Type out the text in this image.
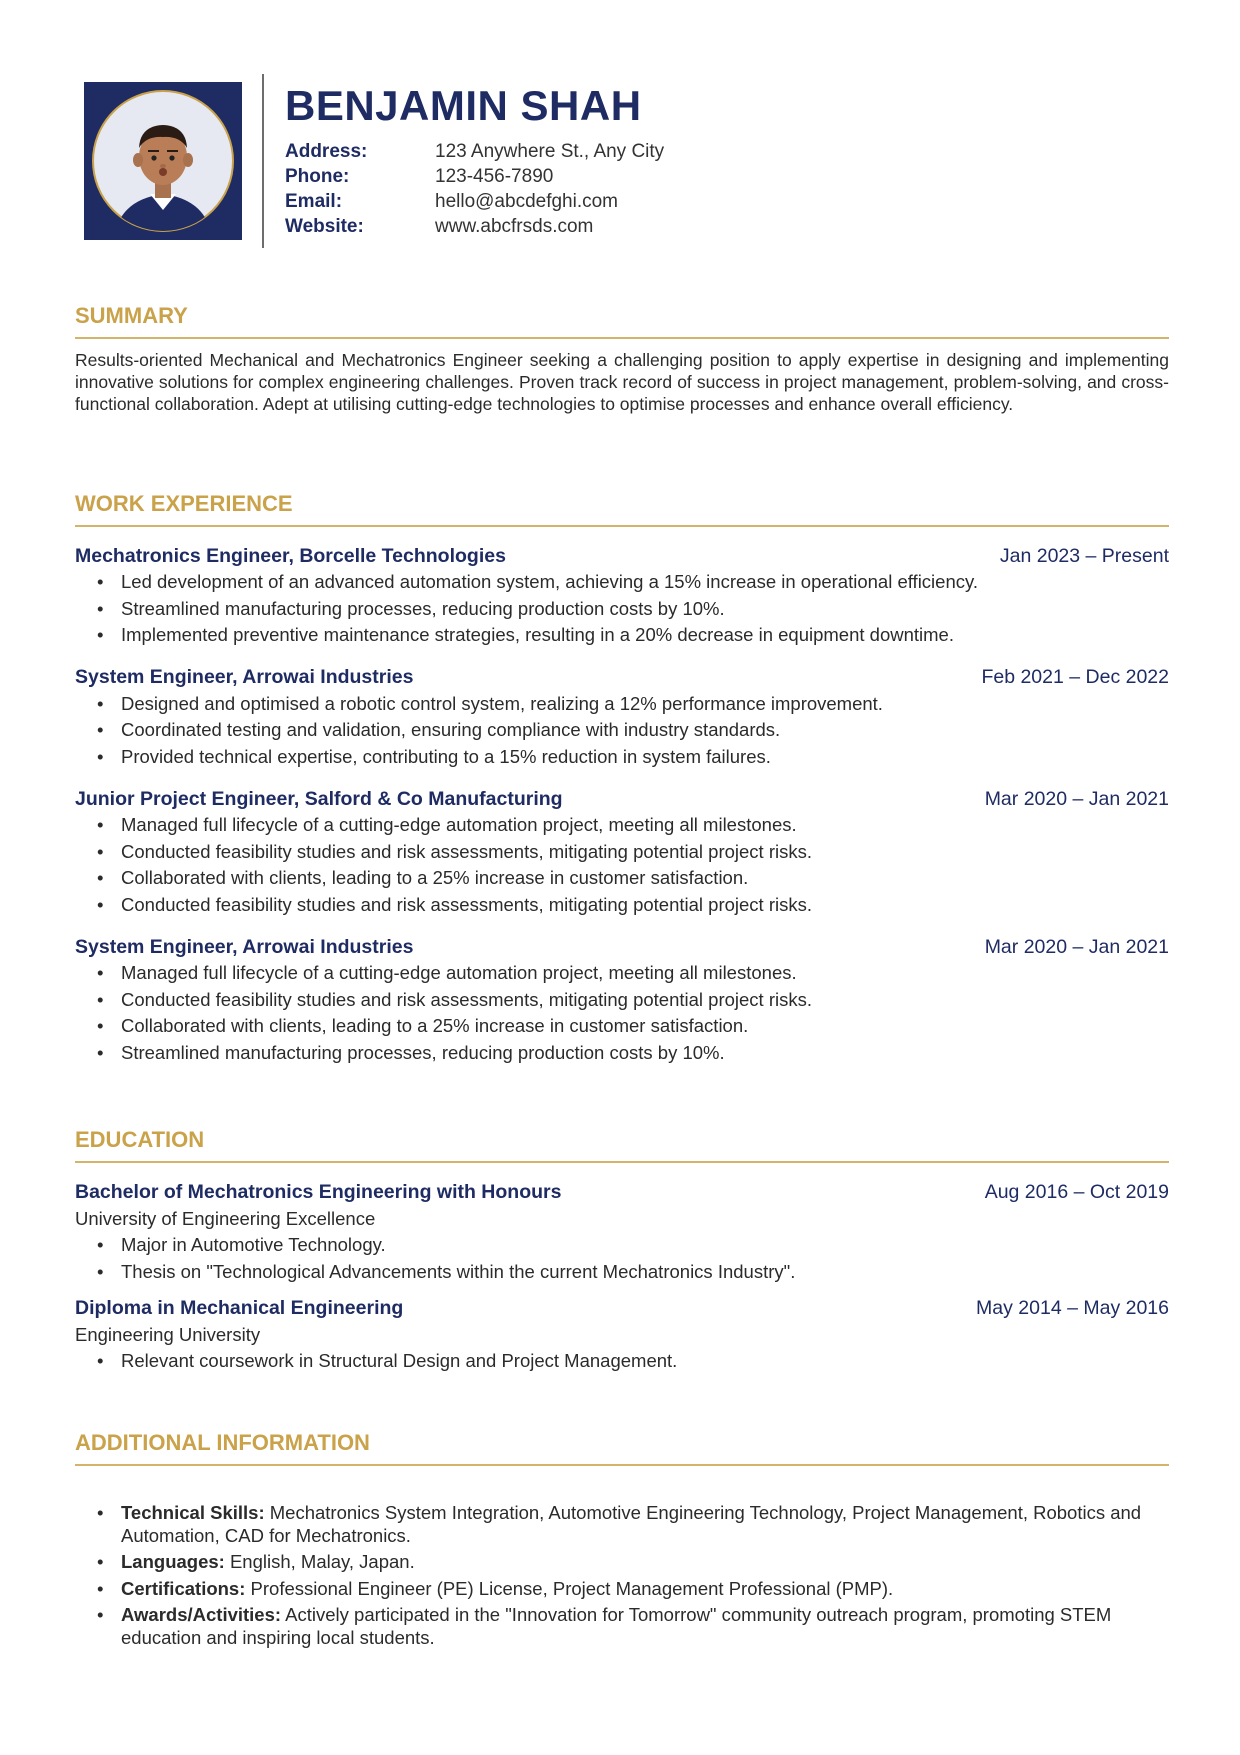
BENJAMIN SHAH
Address:	123 Anywhere St., Any City
Phone:	123-456-7890
Email:	hello@abcdefghi.com
Website:	www.abcfrsds.com
SUMMARY

Results-oriented Mechanical and Mechatronics Engineer seeking a challenging position to apply expertise in designing and implementing innovative solutions for complex engineering challenges. Proven track record of success in project management, problem-solving, and cross-functional collaboration. Adept at utilising cutting-edge technologies to optimise processes and enhance overall efficiency.

WORK EXPERIENCE
Mechatronics Engineer, Borcelle Technologies	Jan 2023 – Present
• Led development of an advanced automation system, achieving a 15% increase in operational efficiency.
• Streamlined manufacturing processes, reducing production costs by 10%.
• Implemented preventive maintenance strategies, resulting in a 20% decrease in equipment downtime.
System Engineer, Arrowai Industries	Feb 2021 – Dec 2022
• Designed and optimised a robotic control system, realizing a 12% performance improvement.
• Coordinated testing and validation, ensuring compliance with industry standards.
• Provided technical expertise, contributing to a 15% reduction in system failures.
Junior Project Engineer, Salford & Co Manufacturing	Mar 2020 – Jan 2021
• Managed full lifecycle of a cutting-edge automation project, meeting all milestones.
• Conducted feasibility studies and risk assessments, mitigating potential project risks.
• Collaborated with clients, leading to a 25% increase in customer satisfaction.
• Conducted feasibility studies and risk assessments, mitigating potential project risks.
System Engineer, Arrowai Industries	Mar 2020 – Jan 2021
• Managed full lifecycle of a cutting-edge automation project, meeting all milestones.
• Conducted feasibility studies and risk assessments, mitigating potential project risks.
• Collaborated with clients, leading to a 25% increase in customer satisfaction.
• Streamlined manufacturing processes, reducing production costs by 10%.
EDUCATION
Bachelor of Mechatronics Engineering with Honours	Aug 2016 – Oct 2019
University of Engineering Excellence
• Major in Automotive Technology.
• Thesis on "Technological Advancements within the current Mechatronics Industry".
Diploma in Mechanical Engineering	May 2014 – May 2016
Engineering University
• Relevant coursework in Structural Design and Project Management.
ADDITIONAL INFORMATION
• Technical Skills: Mechatronics System Integration, Automotive Engineering Technology, Project Management, Robotics and Automation, CAD for Mechatronics.
• Languages: English, Malay, Japan.
• Certifications: Professional Engineer (PE) License, Project Management Professional (PMP).
• Awards/Activities: Actively participated in the "Innovation for Tomorrow" community outreach program, promoting STEM education and inspiring local students.
